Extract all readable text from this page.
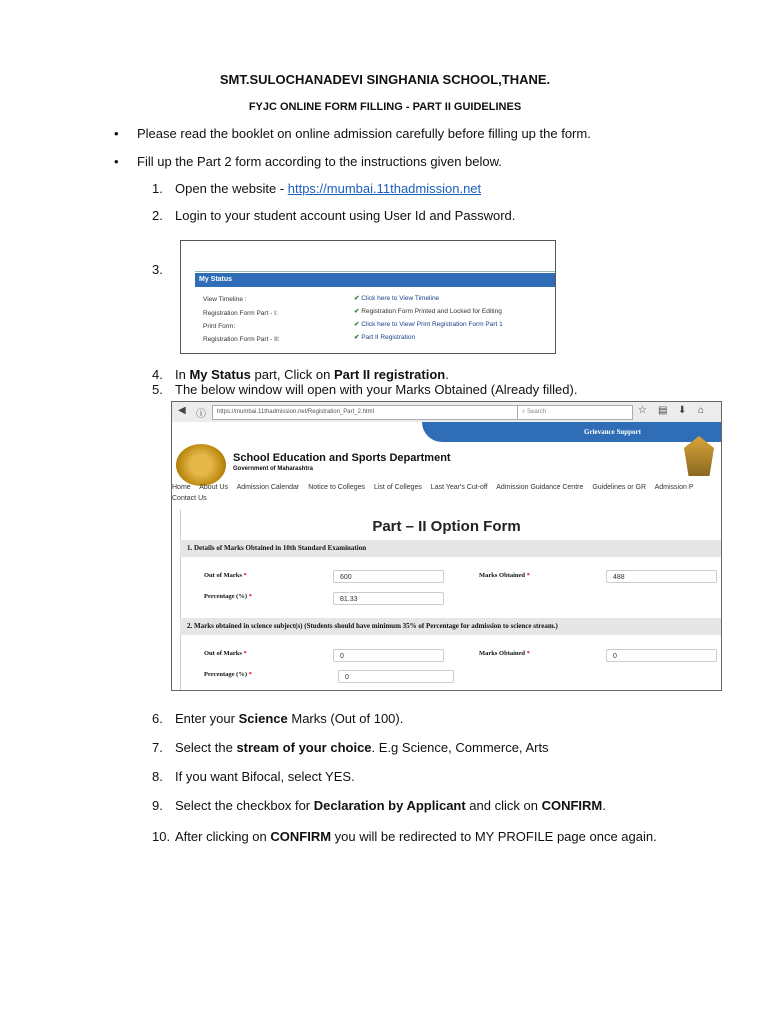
SMT.SULOCHANADEVI SINGHANIA SCHOOL,THANE.
FYJC ONLINE FORM FILLING - PART II GUIDELINES
• Please read the booklet on online admission carefully before filling up the form.
• Fill up the Part 2 form according to the instructions given below.
1. Open the website - https://mumbai.11thadmission.net
2. Login to your student account using User Id and Password.
3.
My Status
View Timeline :	✔ Click here to View Timeline
Registration Form Part - I:	✔ Registration Form Printed and Locked for Editing
Print Form:	✔ Click here to View/ Print Registration Form Part 1
Registration Form Part - II:	✔ Part II Registration
4. In My Status part, Click on Part II registration.
5. The below window will open with your Marks Obtained (Already filled).
◀ ⓘ	https://mumbai.11thadmission.net/Registration_Part_2.html	⌕ Search	☆ ▤ ⬇ ⌂
Grievance Support
School Education and Sports Department
Government of Maharashtra
Home About Us Admission Calendar Notice to Colleges List of Colleges Last Year's Cut-off Admission Guidance Centre Guidelines or GR Admission P
Contact Us
Part – II Option Form
1. Details of Marks Obtained in 10th Standard Examination
Out of Marks *	600	Marks Obtained *	488
Percentage (%) *	81.33
2. Marks obtained in science subject(s) (Students should have minimum 35% of Percentage for admission to science stream.)
Out of Marks *	0	Marks Obtained *	0
Percentage (%) *	0
6. Enter your Science Marks (Out of 100).
7. Select the stream of your choice. E.g Science, Commerce, Arts
8. If you want Bifocal, select YES.
9. Select the checkbox for Declaration by Applicant and click on CONFIRM.
10. After clicking on CONFIRM you will be redirected to MY PROFILE page once again.
